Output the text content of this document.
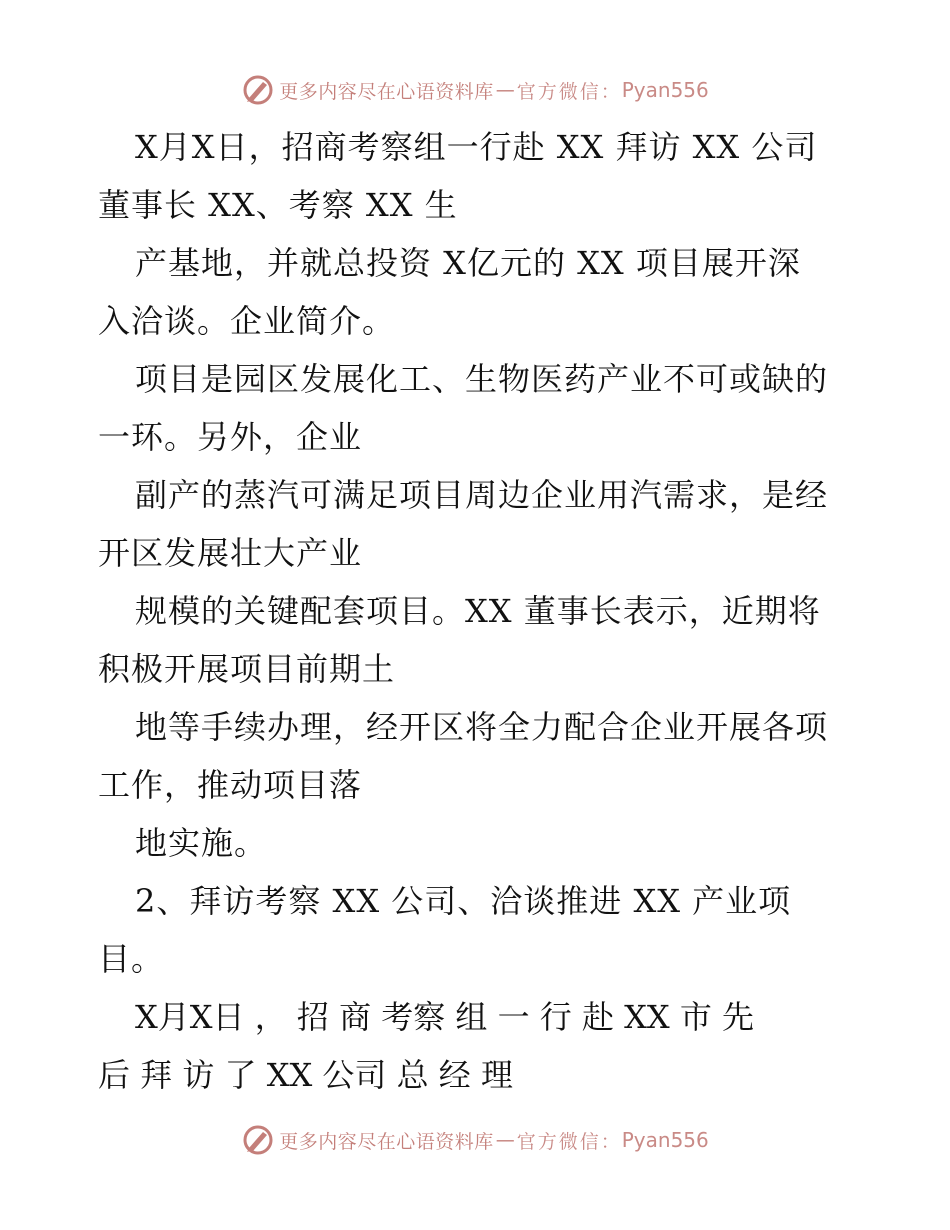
更多内容尽在心语资料库 — 官方微信： Pyan556
X月X日，招商考察组一行赴 XX 拜访 XX 公司
董事长 XX、考察 XX 生
产基地，并就总投资 X亿元的 XX 项目展开深
入洽谈。企业简介。
项目是园区发展化工、生物医药产业不可或缺的
一环。另外，企业
副产的蒸汽可满足项目周边企业用汽需求，是经
开区发展壮大产业
规模的关键配套项目。XX 董事长表示，近期将
积极开展项目前期土
地等手续办理，经开区将全力配合企业开展各项
工作，推动项目落
地实施。
2、拜访考察 XX 公司、洽谈推进 XX 产业项
目。
X月X日 ， 招 商 考察 组 一 行 赴 XX 市 先
后 拜 访 了 XX 公司 总 经 理
更多内容尽在心语资料库 — 官方微信： Pyan556
